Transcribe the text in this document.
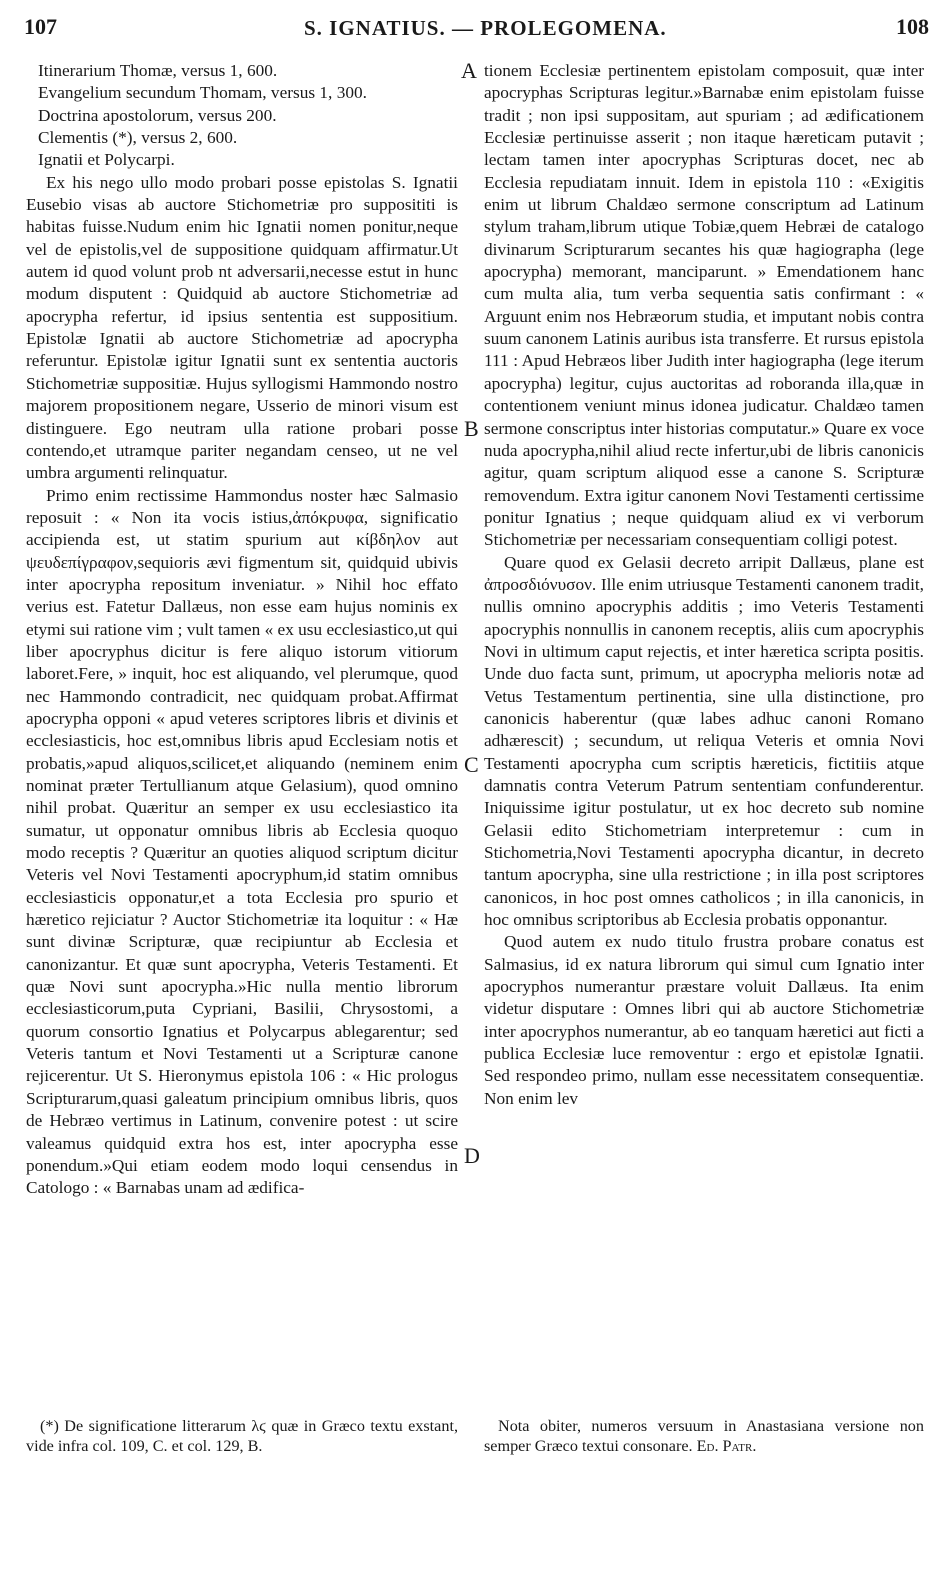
107	S. IGNATIUS. — PROLEGOMENA.	108
Itinerarium Thomæ, versus 1, 600.
Evangelium secundum Thomam, versus 1, 300.
Doctrina apostolorum, versus 200.
Clementis (*), versus 2, 600.
Ignatii et Polycarpi.

Ex his nego ullo modo probari posse epistolas S. Ignatii Eusebio visas ab auctore Stichometriæ pro supposititi is habitas fuisse.Nudum enim hic Ignatii nomen ponitur,neque vel de epistolis,vel de suppositione quidquam affirmatur.Ut autem id quod volunt prob nt adversarii,necesse estut in hunc modum disputent : Quidquid ab auctore Stichometriæ ad apocrypha refertur, id ipsius sententia est suppositium. Epistolæ Ignatii ab auctore Stichometriæ ad apocrypha referuntur. Epistolæ igitur Ignatii sunt ex sententia auctoris Stichometriæ suppositiæ. Hujus syllogismi Hammondo nostro majorem propositionem negare, Usserio de minori visum est distinguere. Ego neutram ulla ratione probari posse contendo,et utramque pariter negandam censeo, ut ne vel umbra argumenti relinquatur.

Primo enim rectissime Hammondus noster hæc Salmasio reposuit : « Non ita vocis istius,ἀπόκρυφα, significatio accipienda est, ut statim spurium aut κίβδηλον aut ψευδεπίγραφον,sequioris ævi figmentum sit, quidquid ubivis inter apocrypha repositum inveniatur. » Nihil hoc effato verius est. Fatetur Dallæus, non esse eam hujus nominis ex etymi sui ratione vim ; vult tamen « ex usu ecclesiastico,ut qui liber apocryphus dicitur is fere aliquo istorum vitiorum laboret.Fere, » inquit, hoc est aliquando, vel plerumque, quod nec Hammondo contradicit, nec quidquam probat.Affirmat apocrypha opponi « apud veteres scriptores libris et divinis et ecclesiasticis, hoc est,omnibus libris apud Ecclesiam notis et probatis,»apud aliquos,scilicet,et aliquando (neminem enim nominat præter Tertullianum atque Gelasium), quod omnino nihil probat. Quæritur an semper ex usu ecclesiastico ita sumatur, ut opponatur omnibus libris ab Ecclesia quoquo modo receptis ? Quæritur an quoties aliquod scriptum dicitur Veteris vel Novi Testamenti apocryphum,id statim omnibus ecclesiasticis opponatur,et a tota Ecclesia pro spurio et hæretico rejiciatur ? Auctor Stichometriæ ita loquitur : « Hæ sunt divinæ Scripturæ, quæ recipiuntur ab Ecclesia et canonizantur. Et quæ sunt apocrypha, Veteris Testamenti. Et quæ Novi sunt apocrypha.»Hic nulla mentio librorum ecclesiasticorum,puta Cypriani, Basilii, Chrysostomi, a quorum consortio Ignatius et Polycarpus ablegarentur; sed Veteris tantum et Novi Testamenti ut a Scripturæ canone rejicerentur. Ut S. Hieronymus epistola 106 : « Hic prologus Scripturarum,quasi galeatum principium omnibus libris, quos de Hebræo vertimus in Latinum, convenire potest : ut scire valeamus quidquid extra hos est, inter apocrypha esse ponendum.»Qui etiam eodem modo loqui censendus in Catologo : « Barnabas unam ad ædifica-

tionem Ecclesiæ pertinentem epistolam composuit, quæ inter apocryphas Scripturas legitur.»Barnabæ enim epistolam fuisse tradit ; non ipsi suppositam, aut spuriam ; ad ædificationem Ecclesiæ pertinuisse asserit ; non itaque hæreticam putavit ; lectam tamen inter apocryphas Scripturas docet, nec ab Ecclesia repudiatam innuit. Idem in epistola 110 : «Exigitis enim ut librum Chaldæo sermone conscriptum ad Latinum stylum traham,librum utique Tobiæ,quem Hebræi de catalogo divinarum Scripturarum secantes his quæ hagiographa (lege apocrypha) memorant, manciparunt. » Emendationem hanc cum multa alia, tum verba sequentia satis confirmant : « Arguunt enim nos Hebræorum studia, et imputant nobis contra suum canonem Latinis auribus ista transferre. Et rursus epistola 111 : Apud Hebræos liber Judith inter hagiographa (lege iterum apocrypha) legitur, cujus auctoritas ad roboranda illa,quæ in contentionem veniunt minus idonea judicatur. Chaldæo tamen sermone conscriptus inter historias computatur.» Quare ex voce nuda apocrypha,nihil aliud recte infertur,ubi de libris canonicis agitur, quam scriptum aliquod esse a canone S. Scripturæ removendum. Extra igitur canonem Novi Testamenti certissime ponitur Ignatius ; neque quidquam aliud ex vi verborum Stichometriæ per necessariam consequentiam colligi potest.

Quare quod ex Gelasii decreto arripit Dallæus, plane est ἀπροσδιόνυσον. Ille enim utriusque Testamenti canonem tradit, nullis omnino apocryphis additis ; imo Veteris Testamenti apocryphis nonnullis in canonem receptis, aliis cum apocryphis Novi in ultimum caput rejectis, et inter hæretica scripta positis. Unde duo facta sunt, primum, ut apocrypha melioris notæ ad Vetus Testamentum pertinentia, sine ulla distinctione, pro canonicis haberentur (quæ labes adhuc canoni Romano adhærescit) ; secundum, ut reliqua Veteris et omnia Novi Testamenti apocrypha cum scriptis hæreticis, fictitiis atque damnatis contra Veterum Patrum sententiam confunderentur. Iniquissime igitur postulatur, ut ex hoc decreto sub nomine Gelasii edito Stichometriam interpretemur : cum in Stichometria,Novi Testamenti apocrypha dicantur, in decreto tantum apocrypha, sine ulla restrictione ; in illa post scriptores canonicos, in hoc post omnes catholicos ; in illa canonicis, in hoc omnibus scriptoribus ab Ecclesia probatis opponantur.

Quod autem ex nudo titulo frustra probare conatus est Salmasius, id ex natura librorum qui simul cum Ignatio inter apocryphos numerantur præstare voluit Dallæus. Ita enim videtur disputare : Omnes libri qui ab auctore Stichometriæ inter apocryphos numerantur, ab eo tanquam hæretici aut ficti a publica Ecclesiæ luce removentur : ergo et epistolæ Ignatii. Sed respondeo primo, nullam esse necessitatem consequentiæ. Non enim lev

A
B
C
D
(*) De significatione litterarum λϛ quæ in Græco textu exstant, vide infra col. 109, C. et col. 129, B.
Nota obiter, numeros versuum in Anastasiana versione non semper Græco textui consonare. Ed. Patr.
